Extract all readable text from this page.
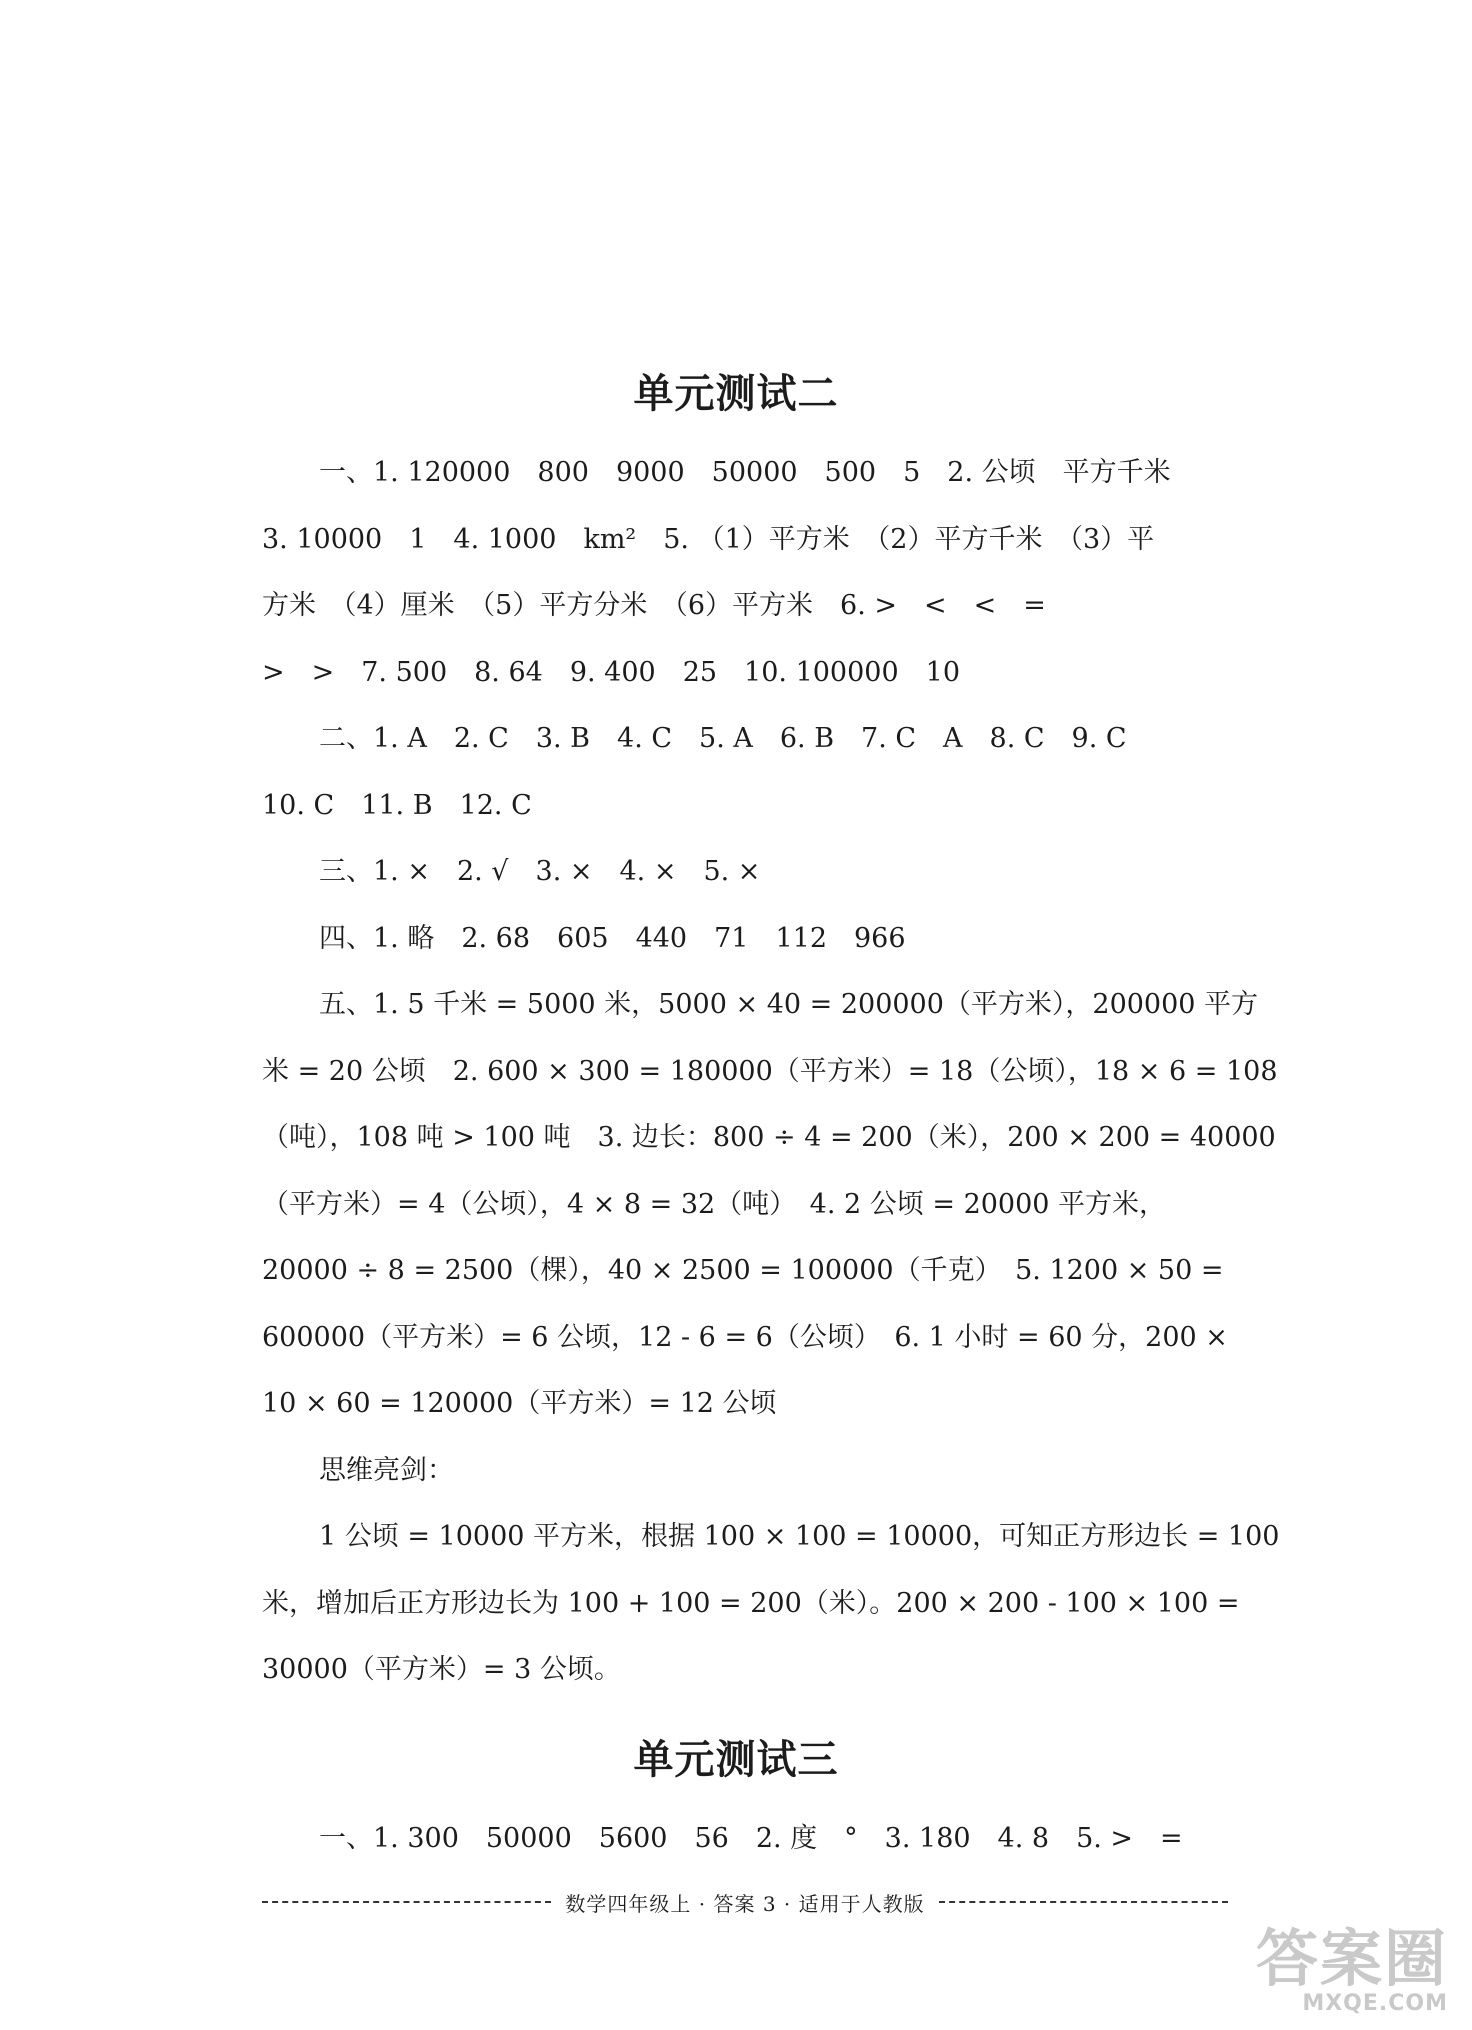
单元测试二
一、1. 120000　800　9000　50000　500　5　2. 公顷　平方千米
3. 10000　1　4. 1000　km²　5. （1）平方米　（2）平方千米　（3）平
方米　（4）厘米　（5）平方分米　（6）平方米　6. >　<　<　=
>　>　7. 500　8. 64　9. 400　25　10. 100000　10
二、1. A　2. C　3. B　4. C　5. A　6. B　7. C　A　8. C　9. C
10. C　11. B　12. C
三、1. ×　2. √　3. ×　4. ×　5. ×
四、1. 略　2. 68　605　440　71　112　966
五、1. 5 千米 = 5000 米，5000 × 40 = 200000（平方米），200000 平方
米 = 20 公顷　2. 600 × 300 = 180000（平方米）= 18（公顷），18 × 6 = 108
（吨），108 吨 > 100 吨　3. 边长：800 ÷ 4 = 200（米），200 × 200 = 40000
（平方米）= 4（公顷），4 × 8 = 32（吨）　4. 2 公顷 = 20000 平方米，
20000 ÷ 8 = 2500（棵），40 × 2500 = 100000（千克）　5. 1200 × 50 =
600000（平方米）= 6 公顷，12 - 6 = 6（公顷）　6. 1 小时 = 60 分，200 ×
10 × 60 = 120000（平方米）= 12 公顷
思维亮剑：
1 公顷 = 10000 平方米，根据 100 × 100 = 10000，可知正方形边长 = 100
米，增加后正方形边长为 100 + 100 = 200（米）。200 × 200 - 100 × 100 =
30000（平方米）= 3 公顷。
单元测试三
一、1. 300　50000　5600　56　2. 度　°　3. 180　4. 8　5. >　=
数学四年级上 · 答案 3 · 适用于人教版
答案圈
MXQE.COM
